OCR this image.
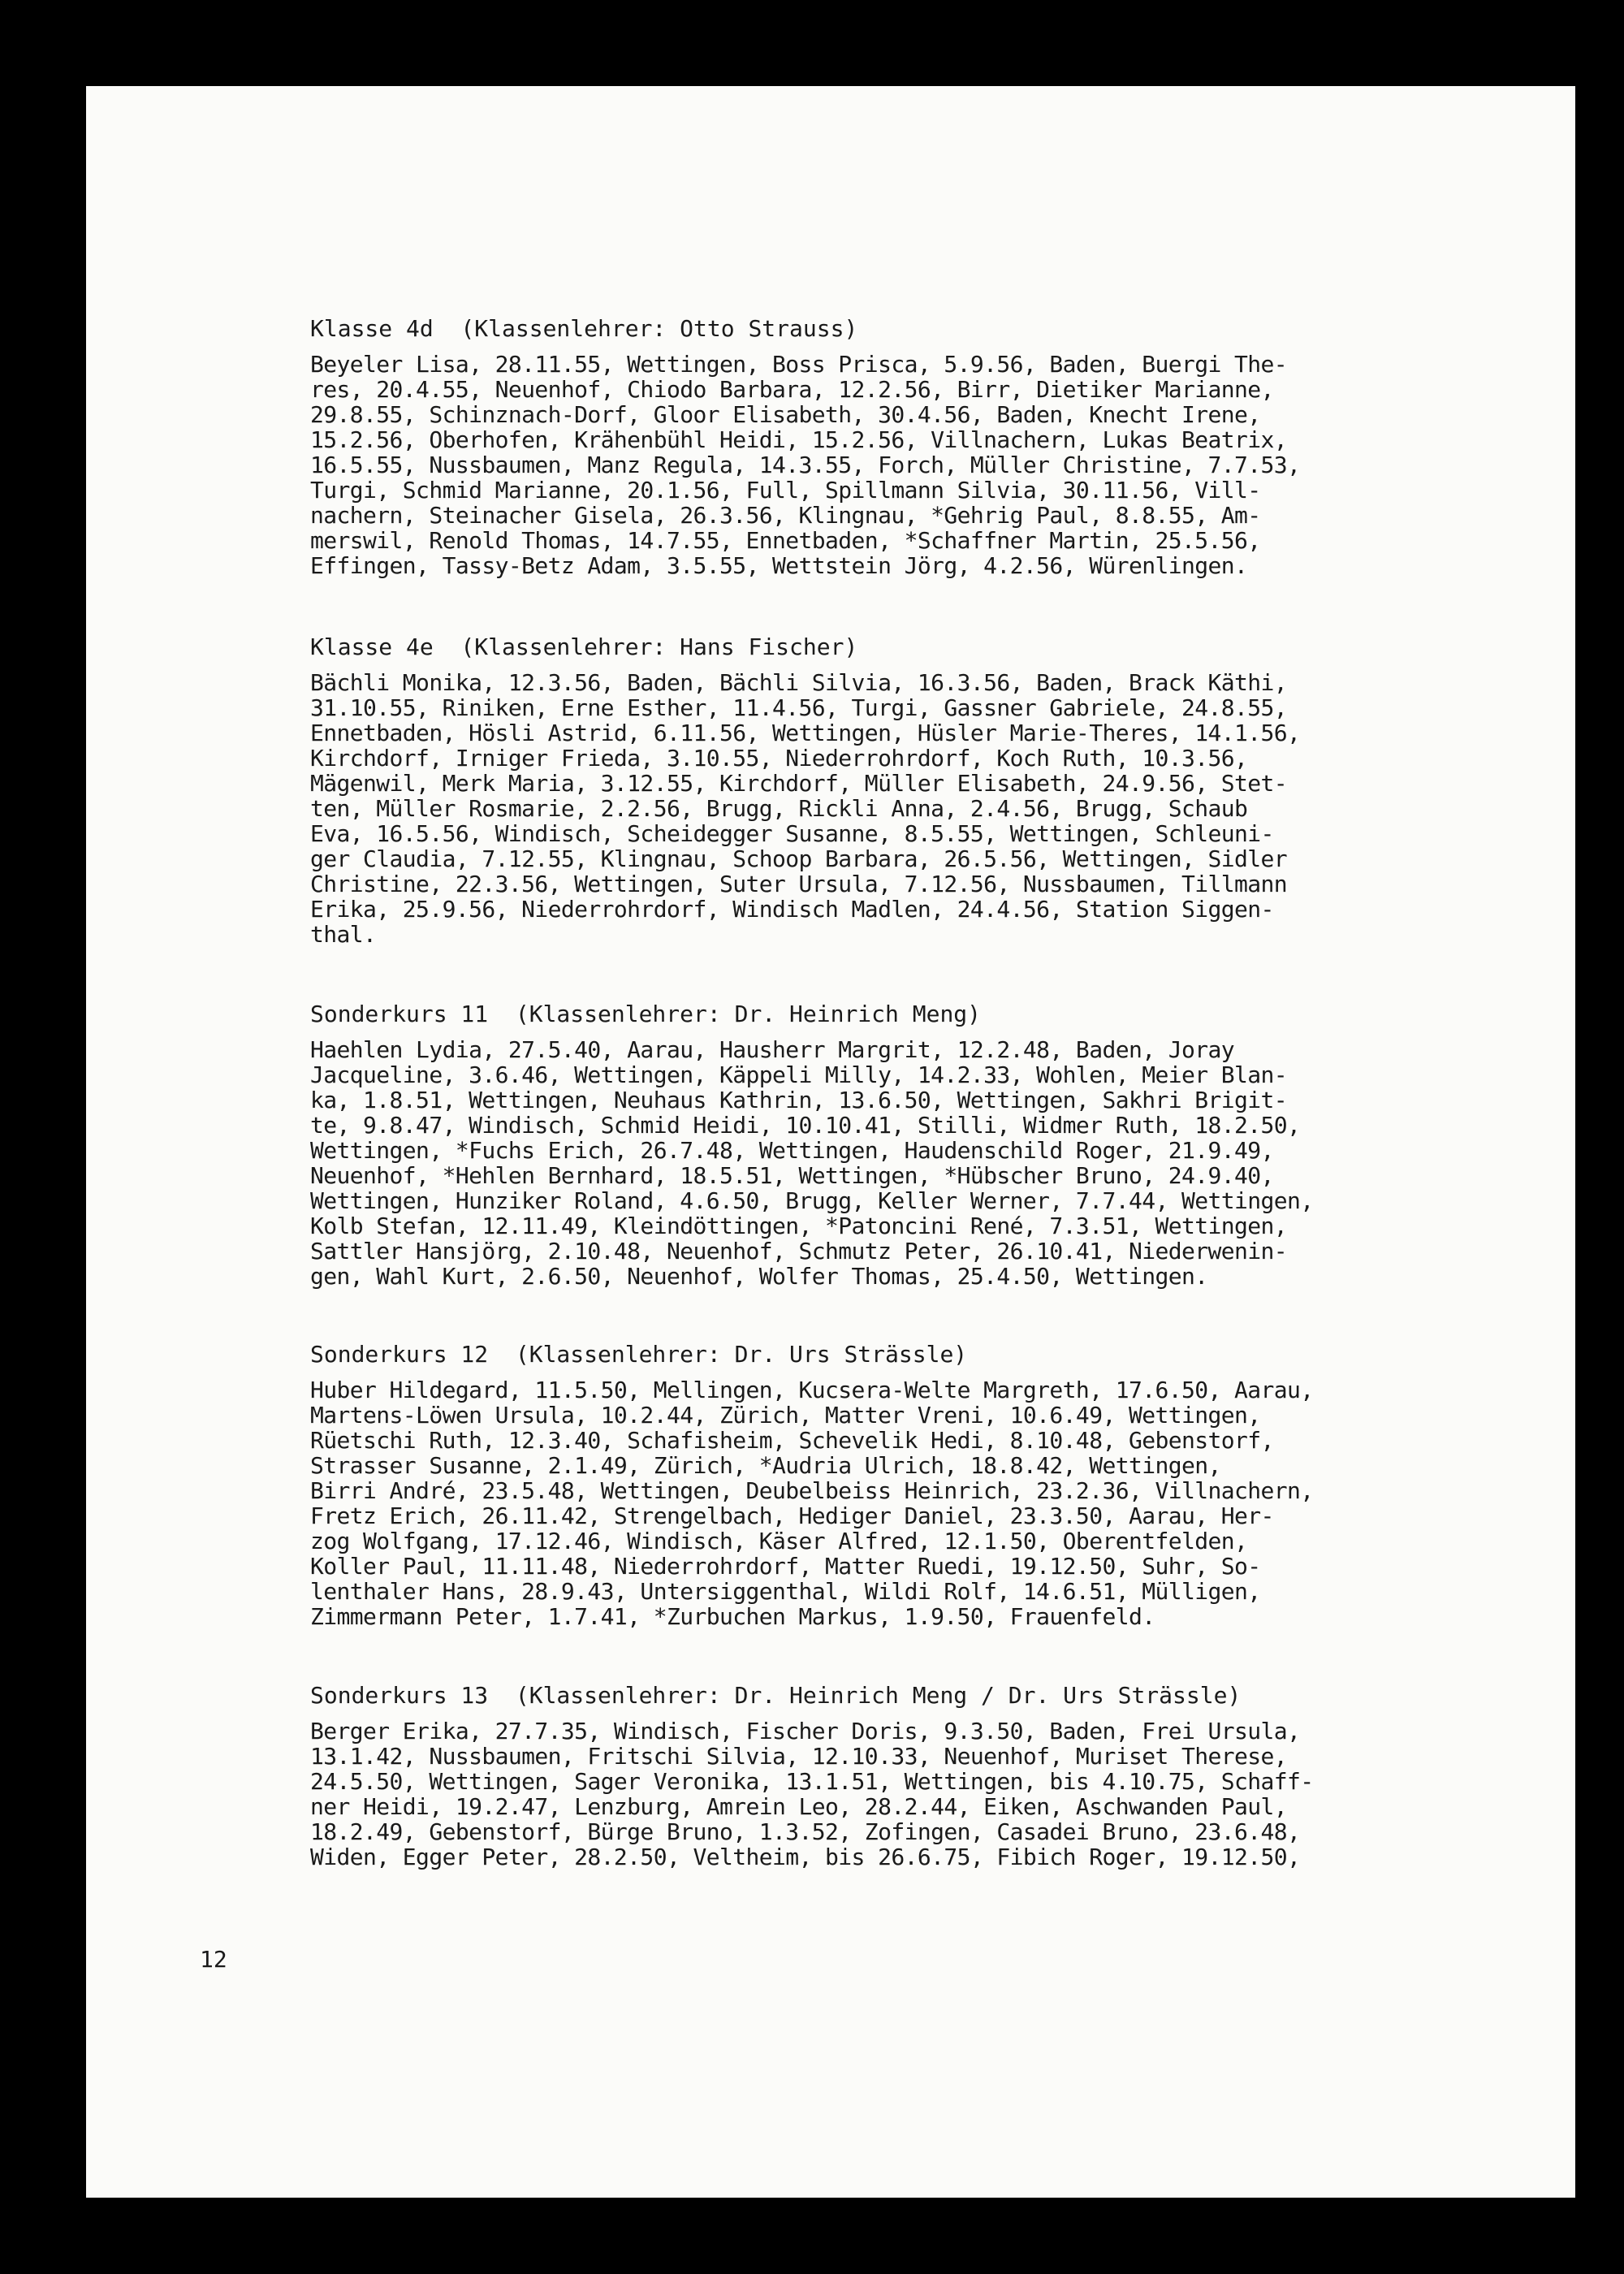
Klasse 4d  (Klassenlehrer: Otto Strauss)
Beyeler Lisa, 28.11.55, Wettingen, Boss Prisca, 5.9.56, Baden, Buergi The-
res, 20.4.55, Neuenhof, Chiodo Barbara, 12.2.56, Birr, Dietiker Marianne,
29.8.55, Schinznach-Dorf, Gloor Elisabeth, 30.4.56, Baden, Knecht Irene,
15.2.56, Oberhofen, Krähenbühl Heidi, 15.2.56, Villnachern, Lukas Beatrix,
16.5.55, Nussbaumen, Manz Regula, 14.3.55, Forch, Müller Christine, 7.7.53,
Turgi, Schmid Marianne, 20.1.56, Full, Spillmann Silvia, 30.11.56, Vill-
nachern, Steinacher Gisela, 26.3.56, Klingnau, *Gehrig Paul, 8.8.55, Am-
merswil, Renold Thomas, 14.7.55, Ennetbaden, *Schaffner Martin, 25.5.56,
Effingen, Tassy-Betz Adam, 3.5.55, Wettstein Jörg, 4.2.56, Würenlingen.
Klasse 4e  (Klassenlehrer: Hans Fischer)
Bächli Monika, 12.3.56, Baden, Bächli Silvia, 16.3.56, Baden, Brack Käthi,
31.10.55, Riniken, Erne Esther, 11.4.56, Turgi, Gassner Gabriele, 24.8.55,
Ennetbaden, Hösli Astrid, 6.11.56, Wettingen, Hüsler Marie-Theres, 14.1.56,
Kirchdorf, Irniger Frieda, 3.10.55, Niederrohrdorf, Koch Ruth, 10.3.56,
Mägenwil, Merk Maria, 3.12.55, Kirchdorf, Müller Elisabeth, 24.9.56, Stet-
ten, Müller Rosmarie, 2.2.56, Brugg, Rickli Anna, 2.4.56, Brugg, Schaub
Eva, 16.5.56, Windisch, Scheidegger Susanne, 8.5.55, Wettingen, Schleuni-
ger Claudia, 7.12.55, Klingnau, Schoop Barbara, 26.5.56, Wettingen, Sidler
Christine, 22.3.56, Wettingen, Suter Ursula, 7.12.56, Nussbaumen, Tillmann
Erika, 25.9.56, Niederrohrdorf, Windisch Madlen, 24.4.56, Station Siggen-
thal.
Sonderkurs 11  (Klassenlehrer: Dr. Heinrich Meng)
Haehlen Lydia, 27.5.40, Aarau, Hausherr Margrit, 12.2.48, Baden, Joray
Jacqueline, 3.6.46, Wettingen, Käppeli Milly, 14.2.33, Wohlen, Meier Blan-
ka, 1.8.51, Wettingen, Neuhaus Kathrin, 13.6.50, Wettingen, Sakhri Brigit-
te, 9.8.47, Windisch, Schmid Heidi, 10.10.41, Stilli, Widmer Ruth, 18.2.50,
Wettingen, *Fuchs Erich, 26.7.48, Wettingen, Haudenschild Roger, 21.9.49,
Neuenhof, *Hehlen Bernhard, 18.5.51, Wettingen, *Hübscher Bruno, 24.9.40,
Wettingen, Hunziker Roland, 4.6.50, Brugg, Keller Werner, 7.7.44, Wettingen,
Kolb Stefan, 12.11.49, Kleindöttingen, *Patoncini René, 7.3.51, Wettingen,
Sattler Hansjörg, 2.10.48, Neuenhof, Schmutz Peter, 26.10.41, Niederwenin-
gen, Wahl Kurt, 2.6.50, Neuenhof, Wolfer Thomas, 25.4.50, Wettingen.
Sonderkurs 12  (Klassenlehrer: Dr. Urs Strässle)
Huber Hildegard, 11.5.50, Mellingen, Kucsera-Welte Margreth, 17.6.50, Aarau,
Martens-Löwen Ursula, 10.2.44, Zürich, Matter Vreni, 10.6.49, Wettingen,
Rüetschi Ruth, 12.3.40, Schafisheim, Schevelik Hedi, 8.10.48, Gebenstorf,
Strasser Susanne, 2.1.49, Zürich, *Audria Ulrich, 18.8.42, Wettingen,
Birri André, 23.5.48, Wettingen, Deubelbeiss Heinrich, 23.2.36, Villnachern,
Fretz Erich, 26.11.42, Strengelbach, Hediger Daniel, 23.3.50, Aarau, Her-
zog Wolfgang, 17.12.46, Windisch, Käser Alfred, 12.1.50, Oberentfelden,
Koller Paul, 11.11.48, Niederrohrdorf, Matter Ruedi, 19.12.50, Suhr, So-
lenthaler Hans, 28.9.43, Untersiggenthal, Wildi Rolf, 14.6.51, Mülligen,
Zimmermann Peter, 1.7.41, *Zurbuchen Markus, 1.9.50, Frauenfeld.
Sonderkurs 13  (Klassenlehrer: Dr. Heinrich Meng / Dr. Urs Strässle)
Berger Erika, 27.7.35, Windisch, Fischer Doris, 9.3.50, Baden, Frei Ursula,
13.1.42, Nussbaumen, Fritschi Silvia, 12.10.33, Neuenhof, Muriset Therese,
24.5.50, Wettingen, Sager Veronika, 13.1.51, Wettingen, bis 4.10.75, Schaff-
ner Heidi, 19.2.47, Lenzburg, Amrein Leo, 28.2.44, Eiken, Aschwanden Paul,
18.2.49, Gebenstorf, Bürge Bruno, 1.3.52, Zofingen, Casadei Bruno, 23.6.48,
Widen, Egger Peter, 28.2.50, Veltheim, bis 26.6.75, Fibich Roger, 19.12.50,
12
